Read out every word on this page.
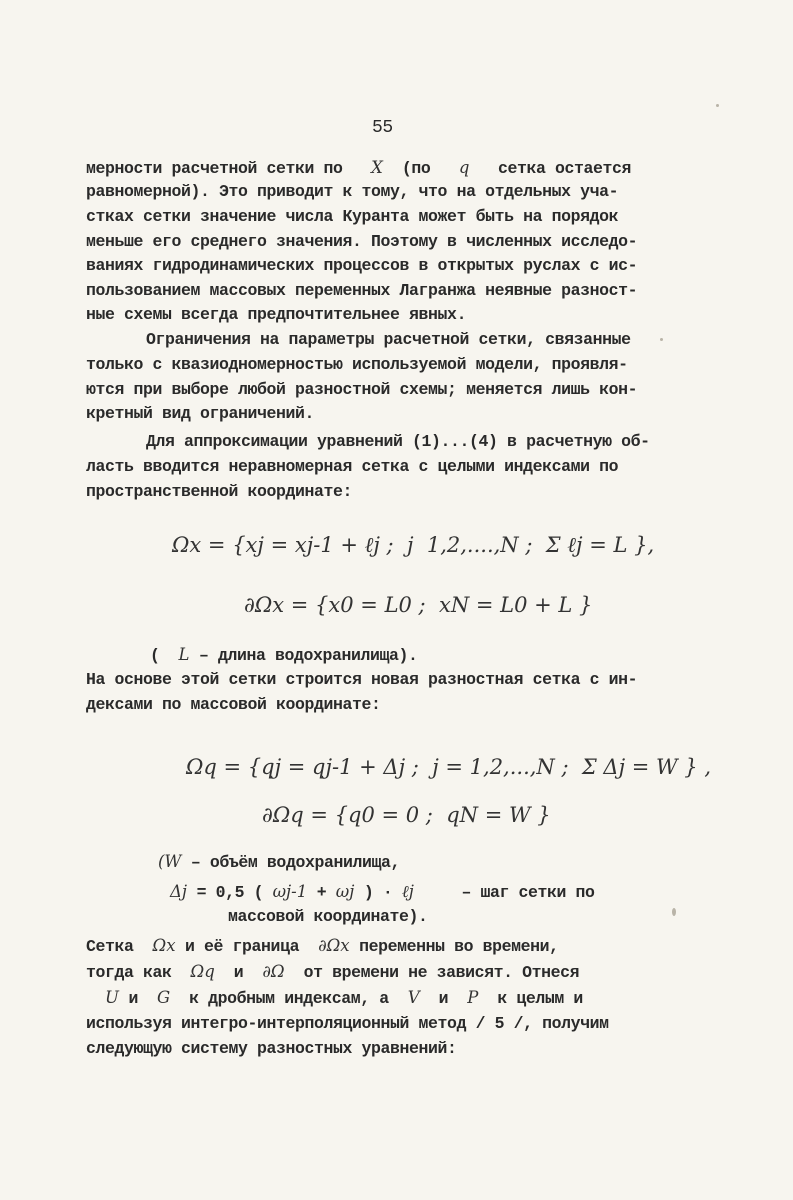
55
мерности расчетной сетки по X (по q сетка остается
равномерной). Это приводит к тому, что на отдельных уча-
стках сетки значение числа Куранта может быть на порядок
меньше его среднего значения. Поэтому в численных исследо-
ваниях гидродинамических процессов в открытых руслах с ис-
пользованием массовых переменных Лагранжа неявные разност-
ные схемы всегда предпочтительнее явных.
Ограничения на параметры расчетной сетки, связанные
только с квазиодномерностью используемой модели, проявля-
ются при выборе любой разностной схемы; меняется лишь кон-
кретный вид ограничений.
Для аппроксимации уравнений (1)...(4) в расчетную об-
ласть вводится неравномерная сетка с целыми индексами по
пространственной координате:
Ωx = {xj = xj-1 + ℓj ;  j  1,2,....,N ;  Σ ℓj = L },
∂Ωx = {x0 = L0 ;  xN = L0 + L }
( L – длина водохранилища).
На основе этой сетки строится новая разностная сетка с ин-
дексами по массовой координате:
Ωq = {qj = qj-1 + Δj ;  j = 1,2,...,N ;  Σ Δj = W } ,
∂Ωq = {q0 = 0 ;  qN = W }
(W – объём водохранилища,
Δj = 0,5 ( ωj-1 + ωj ) · ℓj	– шаг сетки по
массовой координате).
Сетка Ωx и её граница ∂Ωx переменны во времени,
тогда как Ωq и ∂Ω от времени не зависят. Отнеся
U и G к дробным индексам, а V и P к целым и
используя интегро-интерполяционный метод / 5 /, получим
следующую систему разностных уравнений:
